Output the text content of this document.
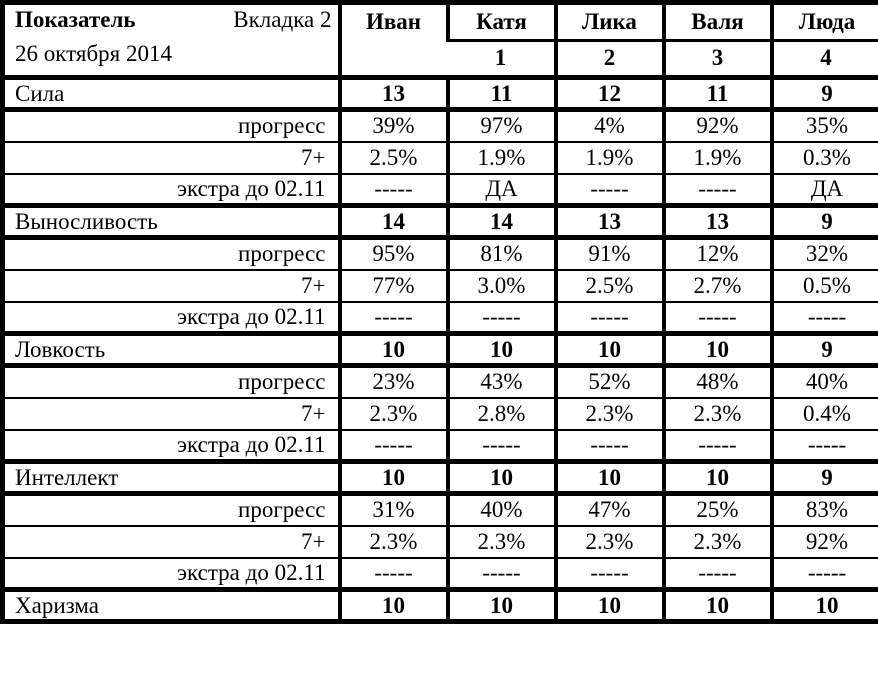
Показатель Вкладка 2
26 октября 2014	Иван	Катя	Лика	Валя	Люда	
		1	2	3	4	
Сила	13	11	12	11	9	
прогресс	39%	97%	4%	92%	35%	
7+	2.5%	1.9%	1.9%	1.9%	0.3%	
экстра до 02.11	-----	ДА	-----	-----	ДА	
Выносливость	14	14	13	13	9	
прогресс	95%	81%	91%	12%	32%	
7+	77%	3.0%	2.5%	2.7%	0.5%	
экстра до 02.11	-----	-----	-----	-----	-----	
Ловкость	10	10	10	10	9	
прогресс	23%	43%	52%	48%	40%	
7+	2.3%	2.8%	2.3%	2.3%	0.4%	
экстра до 02.11	-----	-----	-----	-----	-----	
Интеллект	10	10	10	10	9	
прогресс	31%	40%	47%	25%	83%	
7+	2.3%	2.3%	2.3%	2.3%	92%	
экстра до 02.11	-----	-----	-----	-----	-----	
Харизма	10	10	10	10	10	
